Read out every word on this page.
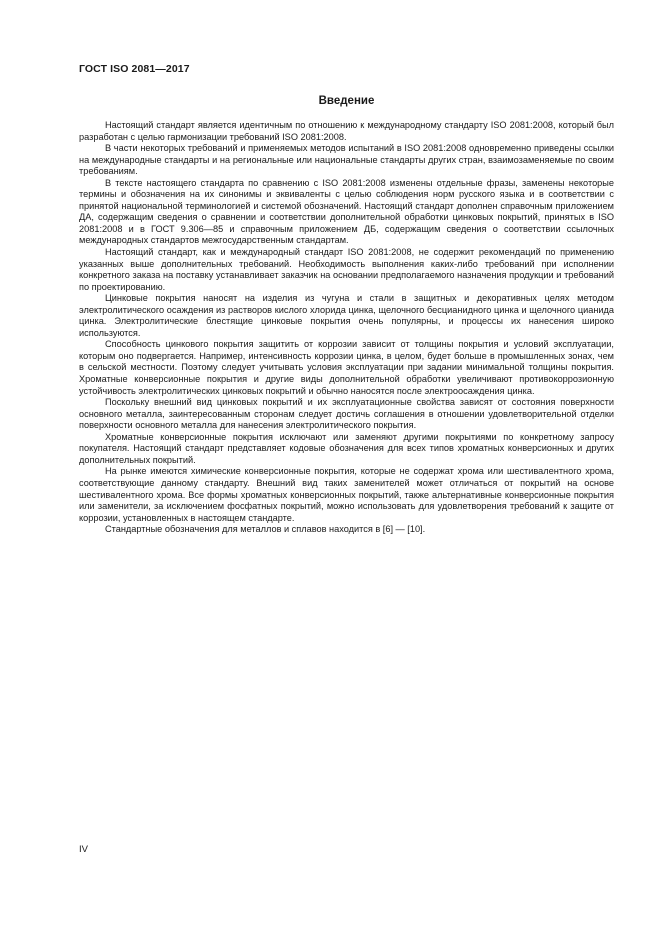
ГОСТ ISO 2081—2017
Введение

Настоящий стандарт является идентичным по отношению к международному стандарту ISO 2081:2008, который был разработан с целью гармонизации требований ISO 2081:2008.

В части некоторых требований и применяемых методов испытаний в ISO 2081:2008 одновременно приведены ссылки на международные стандарты и на региональные или национальные стандарты других стран, взаимозаменяемые по своим требованиям.

В тексте настоящего стандарта по сравнению с ISO 2081:2008 изменены отдельные фразы, заменены некоторые термины и обозначения на их синонимы и эквиваленты с целью соблюдения норм русского языка и в соответствии с принятой национальной терминологией и системой обозначений. Настоящий стандарт дополнен справочным приложением ДА, содержащим сведения о сравнении и соответствии дополнительной обработки цинковых покрытий, принятых в ISO 2081:2008 и в ГОСТ 9.306—85 и справочным приложением ДБ, содержащим сведения о соответствии ссылочных международных стандартов межгосударственным стандартам.

Настоящий стандарт, как и международный стандарт ISO 2081:2008, не содержит рекомендаций по применению указанных выше дополнительных требований. Необходимость выполнения каких-либо требований при исполнении конкретного заказа на поставку устанавливает заказчик на основании предполагаемого назначения продукции и требований по проектированию.

Цинковые покрытия наносят на изделия из чугуна и стали в защитных и декоративных целях методом электролитического осаждения из растворов кислого хлорида цинка, щелочного бесцианидного цинка и щелочного цианида цинка. Электролитические блестящие цинковые покрытия очень популярны, и процессы их нанесения широко используются.

Способность цинкового покрытия защитить от коррозии зависит от толщины покрытия и условий эксплуатации, которым оно подвергается. Например, интенсивность коррозии цинка, в целом, будет больше в промышленных зонах, чем в сельской местности. Поэтому следует учитывать условия эксплуатации при задании минимальной толщины покрытия. Хроматные конверсионные покрытия и другие виды дополнительной обработки увеличивают противокоррозионную устойчивость электролитических цинковых покрытий и обычно наносятся после электроосаждения цинка.

Поскольку внешний вид цинковых покрытий и их эксплуатационные свойства зависят от состояния поверхности основного металла, заинтересованным сторонам следует достичь соглашения в отношении удовлетворительной отделки поверхности основного металла для нанесения электролитического покрытия.

Хроматные конверсионные покрытия исключают или заменяют другими покрытиями по конкретному запросу покупателя. Настоящий стандарт представляет кодовые обозначения для всех типов хроматных конверсионных и других дополнительных покрытий.

На рынке имеются химические конверсионные покрытия, которые не содержат хрома или шестивалентного хрома, соответствующие данному стандарту. Внешний вид таких заменителей может отличаться от покрытий на основе шестивалентного хрома. Все формы хроматных конверсионных покрытий, также альтернативные конверсионные покрытия или заменители, за исключением фосфатных покрытий, можно использовать для удовлетворения требований к защите от коррозии, установленных в настоящем стандарте.

Стандартные обозначения для металлов и сплавов находится в [6] — [10].

IV
